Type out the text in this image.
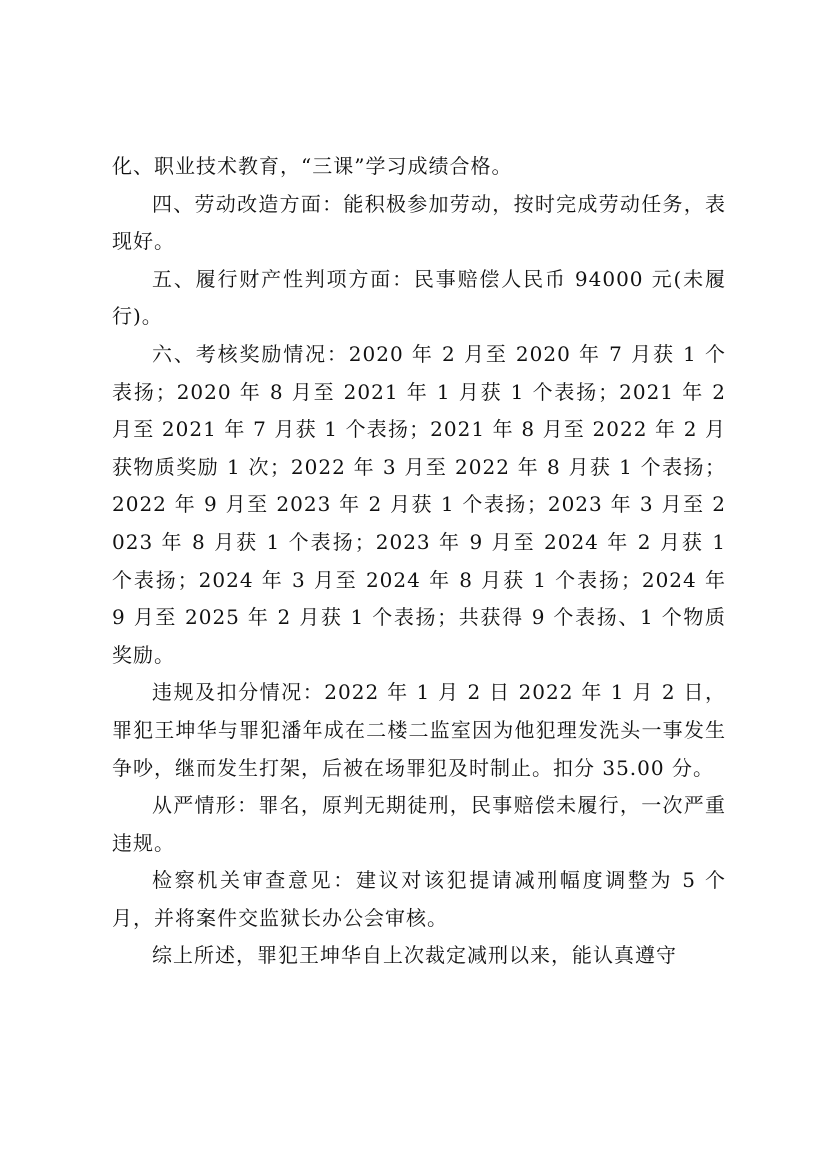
化、职业技术教育，“三课”学习成绩合格。

四、劳动改造方面：能积极参加劳动，按时完成劳动任务，表现好。

五、履行财产性判项方面：民事赔偿人民币 94000 元(未履行)。

六、考核奖励情况：2020 年 2 月至 2020 年 7 月获 1 个表扬；2020 年 8 月至 2021 年 1 月获 1 个表扬；2021 年 2 月至 2021 年 7 月获 1 个表扬；2021 年 8 月至 2022 年 2 月获物质奖励 1 次；2022 年 3 月至 2022 年 8 月获 1 个表扬；2022 年 9 月至 2023 年 2 月获 1 个表扬；2023 年 3 月至 2023 年 8 月获 1 个表扬；2023 年 9 月至 2024 年 2 月获 1 个表扬；2024 年 3 月至 2024 年 8 月获 1 个表扬；2024 年 9 月至 2025 年 2 月获 1 个表扬；共获得 9 个表扬、1 个物质奖励。

违规及扣分情况：2022 年 1 月 2 日 2022 年 1 月 2 日，罪犯王坤华与罪犯潘年成在二楼二监室因为他犯理发洗头一事发生争吵，继而发生打架，后被在场罪犯及时制止。扣分 35.00 分。

从严情形：罪名，原判无期徒刑，民事赔偿未履行，一次严重违规。

检察机关审查意见：建议对该犯提请减刑幅度调整为 5 个月，并将案件交监狱长办公会审核。

综上所述，罪犯王坤华自上次裁定减刑以来，能认真遵守
